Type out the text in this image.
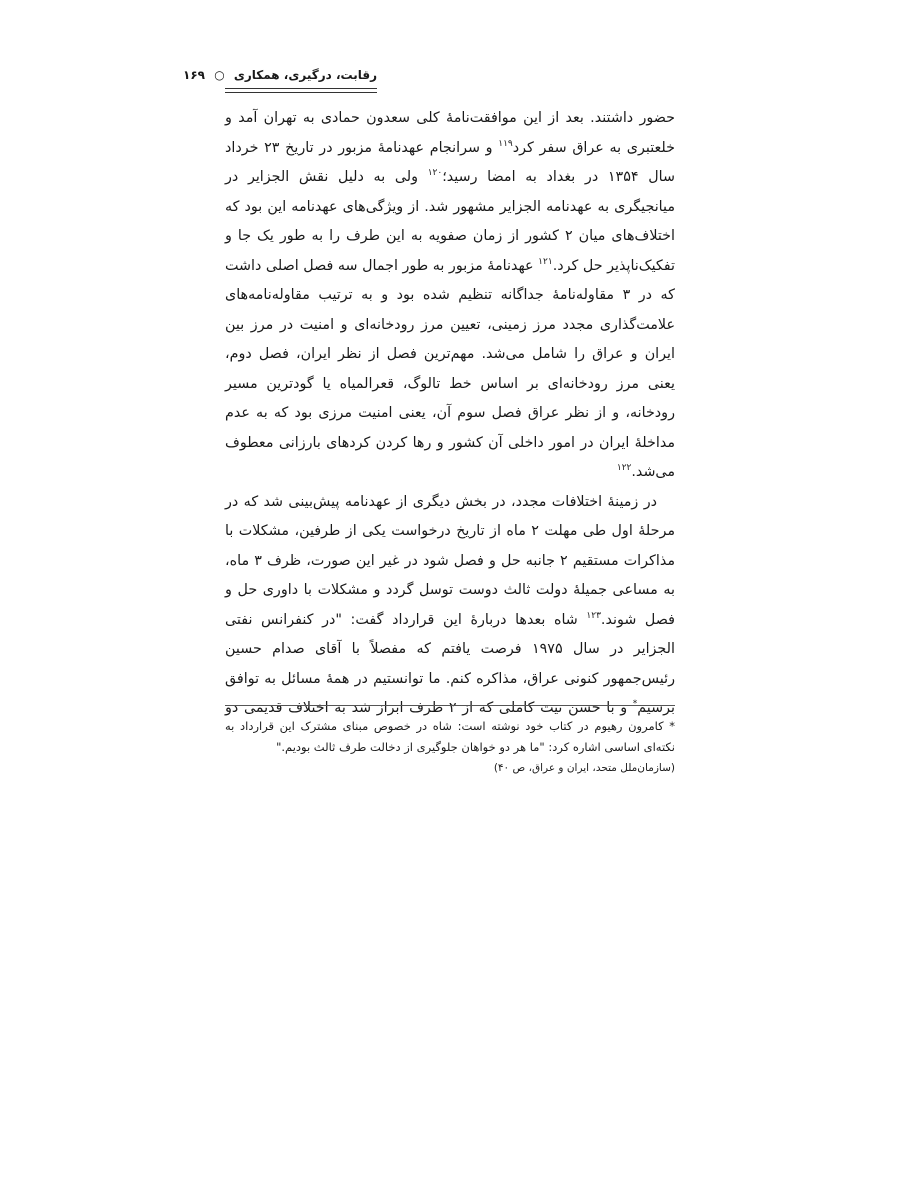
رقابت، درگیری، همکاری ○ ۱۶۹

حضور داشتند. بعد از این موافقت‌نامهٔ کلی سعدون حمادی به تهران آمد و خلعتبری به عراق سفر کرد$^{۱۱۹}$ و سرانجام عهدنامهٔ مزبور در تاریخ ۲۳ خرداد سال ۱۳۵۴ در بغداد به امضا رسید؛$^{۱۲۰}$ ولی به دلیل نقش الجزایر در میانجیگری به عهدنامه الجزایر مشهور شد. از ویژگی‌های عهدنامه این بود که اختلاف‌های میان ۲ کشور از زمان صفویه به این طرف را به طور یک جا و تفکیک‌ناپذیر حل کرد.$^{۱۲۱}$ عهدنامهٔ مزبور به طور اجمال سه فصل اصلی داشت که در ۳ مقاوله‌نامهٔ جداگانه تنظیم شده بود و به ترتیب مقاوله‌نامه‌های علامت‌گذاری مجدد مرز زمینی، تعیین مرز رودخانه‌ای و امنیت در مرز بین ایران و عراق را شامل می‌شد. مهم‌ترین فصل از نظر ایران، فصل دوم، یعنی مرز رودخانه‌ای بر اساس خط تالوگ، قعرالمیاه یا گودترین مسیر رودخانه، و از نظر عراق فصل سوم آن، یعنی امنیت مرزی بود که به عدم مداخلهٔ ایران در امور داخلی آن کشور و رها کردن کردهای بارزانی معطوف می‌شد.$^{۱۲۲}$

در زمینهٔ اختلافات مجدد، در بخش دیگری از عهدنامه پیش‌بینی شد که در مرحلهٔ اول طی مهلت ۲ ماه از تاریخ درخواست یکی از طرفین، مشکلات با مذاکرات مستقیم ۲ جانبه حل و فصل شود در غیر این صورت، ظرف ۳ ماه، به مساعی جمیلهٔ دولت ثالث دوست توسل گردد و مشکلات با داوری حل و فصل شوند.$^{۱۲۳}$ شاه بعدها دربارهٔ این قرارداد گفت: "در کنفرانس نفتی الجزایر در سال ۱۹۷۵ فرصت یافتم که مفصلاً با آقای صدام حسین رئیس‌جمهور کنونی عراق، مذاکره کنم. ما توانستیم در همهٔ مسائل به توافق برسیم* و با حسن نیت کاملی که از ۲ طرف ابراز شد به اختلاف قدیمی دو

* کامرون رهیوم در کتاب خود نوشته است: شاه در خصوص مبنای مشترک این قرارداد به نکته‌ای اساسی اشاره کرد: "ما هر دو خواهان جلوگیری از دخالت طرف ثالث بودیم."

(سازمان‌ملل متحد، ایران و عراق، ص ۴۰)
